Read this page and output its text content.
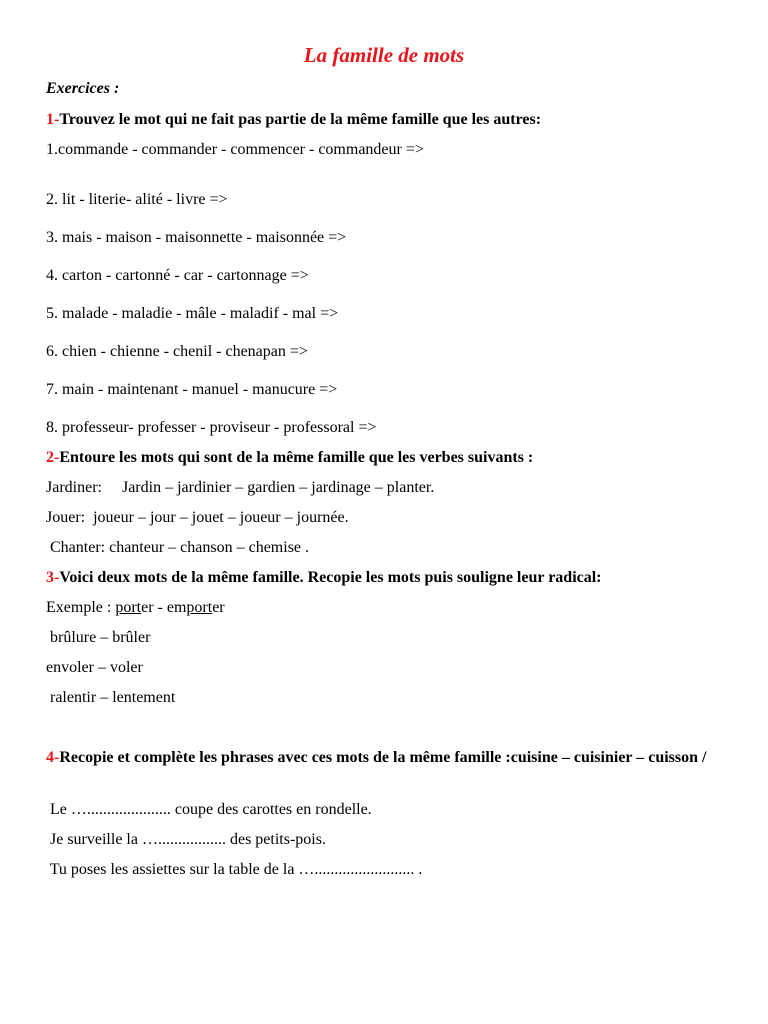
La famille de mots

Exercices :

1-Trouvez le mot qui ne fait pas partie de la même famille que les autres:

1.commande - commander - commencer - commandeur =>

2. lit - literie- alité - livre =>

3. mais - maison - maisonnette - maisonnée =>

4. carton - cartonné - car - cartonnage =>

5. malade - maladie - mâle - maladif - mal =>

6. chien - chienne - chenil - chenapan =>

7. main - maintenant - manuel - manucure =>

8. professeur- professer - proviseur - professoral =>

2-Entoure les mots qui sont de la même famille que les verbes suivants :

Jardiner:     Jardin – jardinier – gardien – jardinage – planter.

Jouer:  joueur – jour – jouet – joueur – journée.

Chanter: chanteur – chanson – chemise .

3-Voici deux mots de la même famille. Recopie les mots puis souligne leur radical:

Exemple : porter - emporter

brûlure – brûler

envoler – voler

ralentir – lentement

4-Recopie et complète les phrases avec ces mots de la même famille :cuisine – cuisinier – cuisson /

Le …..................... coupe des carottes en rondelle.

Je surveille la …................. des petits-pois.

Tu poses les assiettes sur la table de la …......................... .
